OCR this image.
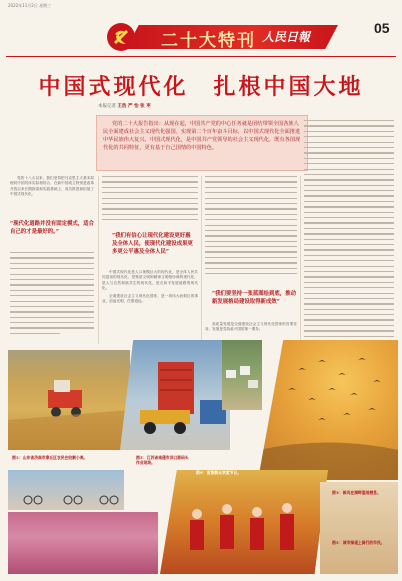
2022年11月2日 星期三
二十大特刊 人民日報
05
中国式现代化　扎根中国大地
本报记者 王浩 严 怡 张 枣

党的二十大报告指出：从现在起，中国共产党的中心任务就是团结带领全国各族人民全面建成社会主义现代化强国、实现第二个百年奋斗目标，以中国式现代化全面推进中华民族伟大复兴。中国式现代化，是中国共产党领导的社会主义现代化，既有各国现代化的共同特征，更有基于自己国情的中国特色。

党的十八大以来，我们坚持把马克思主义基本原理同中国具体实际相结合，在新中国成立特别是改革开放以来长期探索和实践基础上，成功推进和拓展了中国式现代化。

“现代化道路并没有固定模式，适合自己的才是最好的。”
“我们有信心让现代化建设更好惠及全体人民，使现代化建设成果更多更公平惠及全体人民”

中国式现代化是人口规模巨大的现代化，是全体人民共同富裕的现代化，是物质文明和精神文明相协调的现代化，是人与自然和谐共生的现代化，是走和平发展道路的现代化。

全面建设社会主义现代化国家，是一项伟大而艰巨的事业，前途光明，任重道远。

“我们要坚持一张蓝图绘到底，推动新发展格局建设取得新成效”

高质量发展是全面建设社会主义现代化国家的首要任务。发展是党执政兴国的第一要务。

图②：江苏省南通市洋口港码头作业现场。
图③：候鸟在湖畔湿地栖息。
图④：苗族群众欢度节日。
图①：山东省济南市章丘区农民在收割小麦。
图⑤：城市绿道上骑行的市民。
